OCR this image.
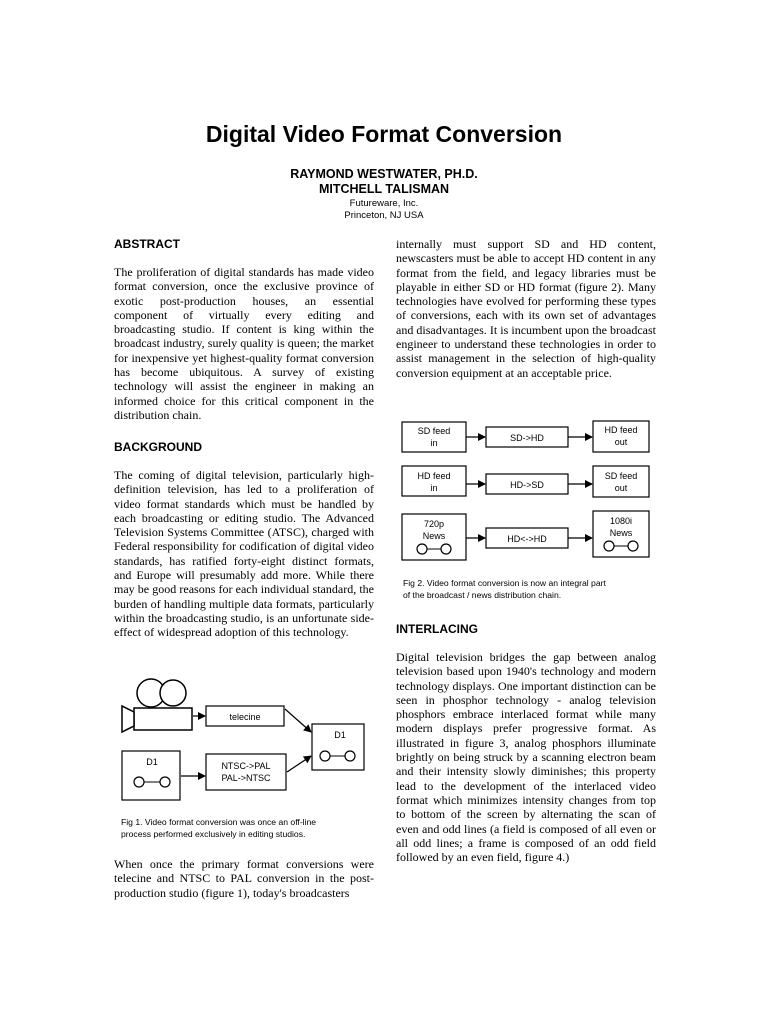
Digital Video Format Conversion
RAYMOND WESTWATER, PH.D.
MITCHELL TALISMAN
Futureware, Inc.
Princeton, NJ USA
ABSTRACT
The proliferation of digital standards has made video format conversion, once the exclusive province of exotic post-production houses, an essential component of virtually every editing and broadcasting studio. If content is king within the broadcast industry, surely quality is queen; the market for inexpensive yet highest-quality format conversion has become ubiquitous. A survey of existing technology will assist the engineer in making an informed choice for this critical component in the distribution chain.
BACKGROUND
The coming of digital television, particularly high-definition television, has led to a proliferation of video format standards which must be handled by each broadcasting or editing studio. The Advanced Television Systems Committee (ATSC), charged with Federal responsibility for codification of digital video standards, has ratified forty-eight distinct formats, and Europe will presumably add more. While there may be good reasons for each individual standard, the burden of handling multiple data formats, particularly within the broadcasting studio, is an unfortunate side-effect of widespread adoption of this technology.
telecine
D1	NTSC->PAL
PAL->NTSC
D1
Fig 1. Video format conversion was once an off-line
process performed exclusively in editing studios.
When once the primary format conversions were telecine and NTSC to PAL conversion in the post-production studio (figure 1), today's broadcasters
internally must support SD and HD content, newscasters must be able to accept HD content in any format from the field, and legacy libraries must be playable in either SD or HD format (figure 2). Many technologies have evolved for performing these types of conversions, each with its own set of advantages and disadvantages. It is incumbent upon the broadcast engineer to understand these technologies in order to assist management in the selection of high-quality conversion equipment at an acceptable price.
SD feed
in	SD->HD
HD feed
out
HD feed
in	HD->SD
SD feed
out
720p
News	HD<->HD
1080i
News
Fig 2. Video format conversion is now an integral part
of the broadcast / news distribution chain.
INTERLACING
Digital television bridges the gap between analog television based upon 1940's technology and modern technology displays. One important distinction can be seen in phosphor technology - analog television phosphors embrace interlaced format while many modern displays prefer progressive format. As illustrated in figure 3, analog phosphors illuminate brightly on being struck by a scanning electron beam and their intensity slowly diminishes; this property lead to the development of the interlaced video format which minimizes intensity changes from top to bottom of the screen by alternating the scan of even and odd lines (a field is composed of all even or all odd lines; a frame is composed of an odd field followed by an even field, figure 4.)
